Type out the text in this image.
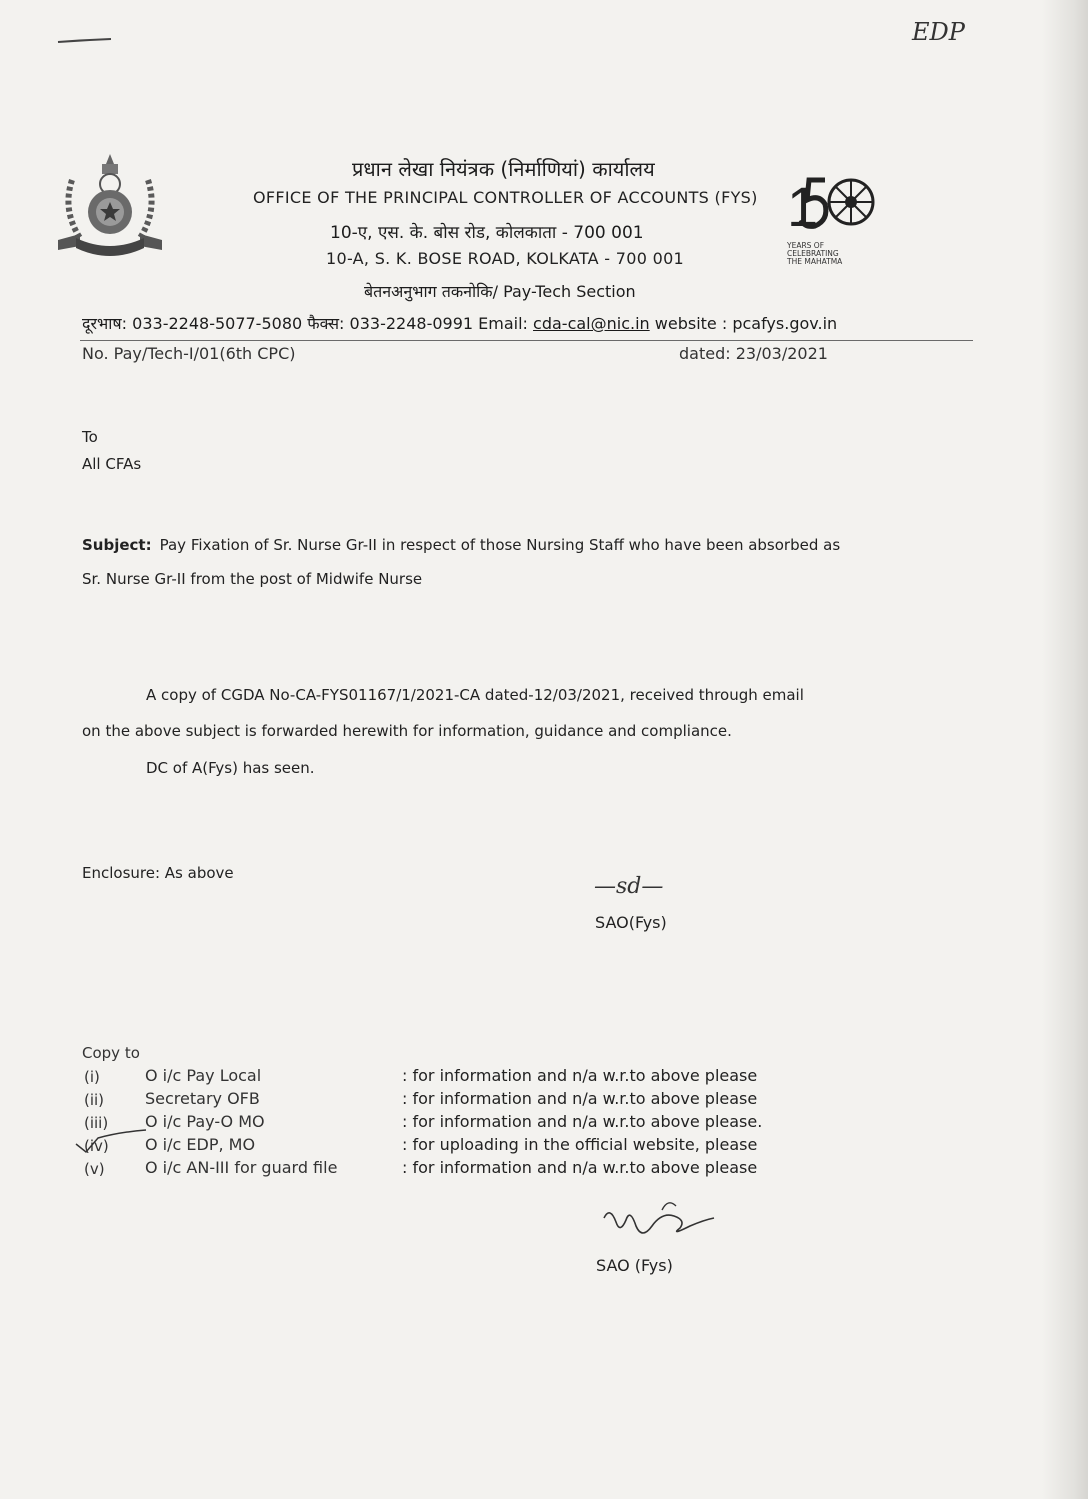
EDP
प्रधान लेखा नियंत्रक (निर्माणियां) कार्यालय
OFFICE OF THE PRINCIPAL CONTROLLER OF ACCOUNTS (FYS)
10-ए, एस. के. बोस रोड, कोलकाता - 700 001
10-A, S. K. BOSE ROAD, KOLKATA - 700 001
बेतनअनुभाग तकनोकि/ Pay-Tech Section
1
YEARS OF
CELEBRATING
THE MAHATMA
दूरभाष: 033-2248-5077-5080 फैक्स: 033-2248-0991 Email: cda-cal@nic.in website : pcafys.gov.in
No. Pay/Tech-I/01(6th CPC)	dated: 23/03/2021
To
All CFAs
Subject: Pay Fixation of Sr. Nurse Gr-II in respect of those Nursing Staff who have been absorbed as
Sr. Nurse Gr-II from the post of Midwife Nurse
A copy of CGDA No-CA-FYS01167/1/2021-CA dated-12/03/2021, received through email
on the above subject is forwarded herewith for information, guidance and compliance.
DC of A(Fys) has seen.
Enclosure: As above
—sd—
SAO(Fys)
Copy to
(i)	O i/c Pay Local	: for information and n/a w.r.to above please
(ii)	Secretary OFB	: for information and n/a w.r.to above please
(iii) O i/c Pay-O MO	: for information and n/a w.r.to above please.
(iv) O i/c EDP, MO	: for uploading in the official website, please
(v)	O i/c AN-III for guard file	: for information and n/a w.r.to above please
SAO (Fys)
